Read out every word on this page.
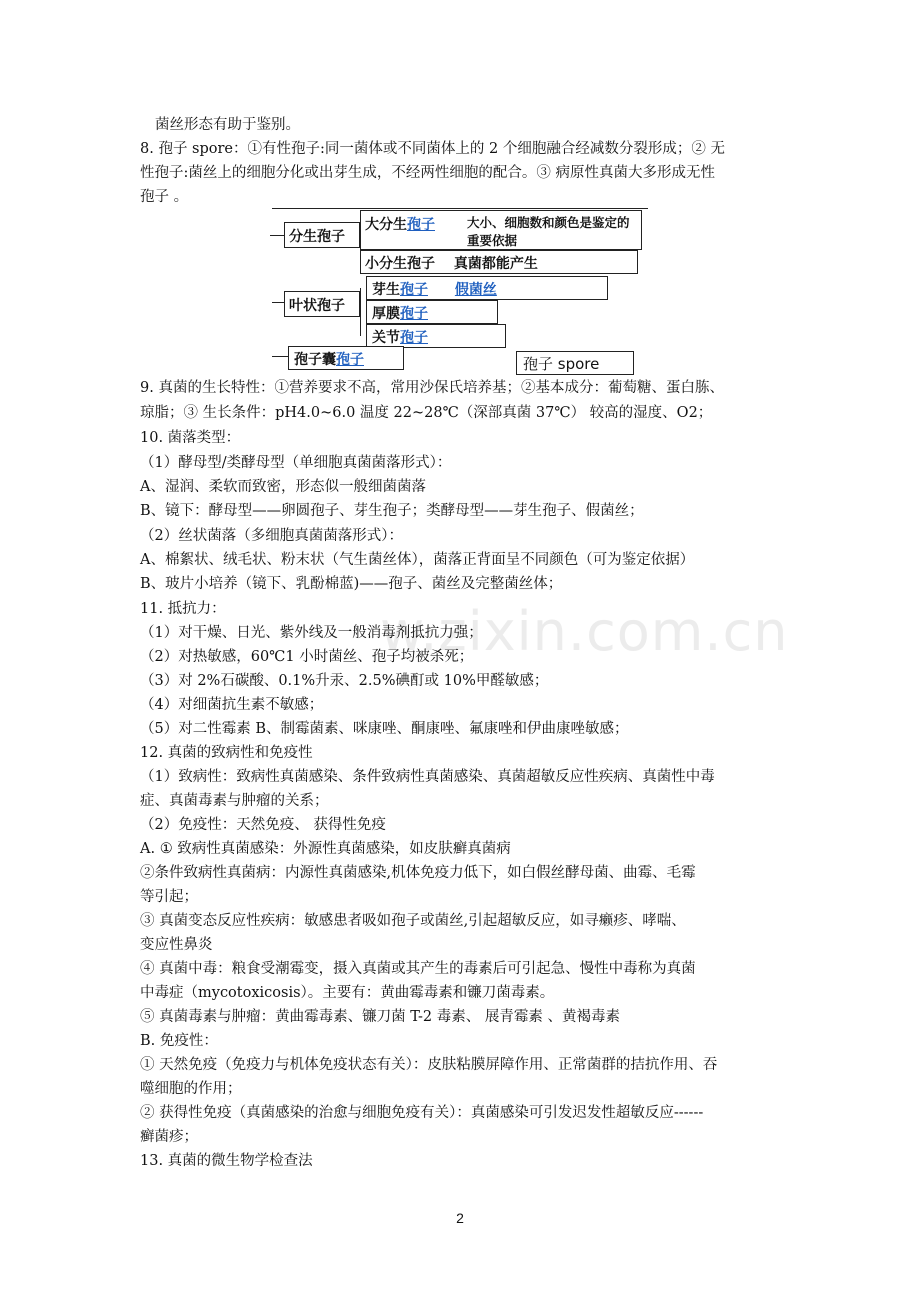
w.zixin.com.cn
菌丝形态有助于鉴别。
8. 孢子 spore：①有性孢子:同一菌体或不同菌体上的 2 个细胞融合经减数分裂形成；② 无
性孢子:菌丝上的细胞分化或出芽生成，不经两性细胞的配合。③ 病原性真菌大多形成无性
孢子 。
分生孢子
大分生孢子	大小、细胞数和颜色是鉴定的重要依据
小分生孢子 真菌都能产生
叶状孢子
芽生孢子 假菌丝
厚膜孢子
关节孢子
孢子囊孢子	孢子 spore
9. 真菌的生长特性：①营养要求不高，常用沙保氏培养基；②基本成分：葡萄糖、蛋白胨、
琼脂；③ 生长条件：pH4.0~6.0 温度 22~28℃（深部真菌 37℃） 较高的湿度、O2；
10. 菌落类型：
（1）酵母型/类酵母型（单细胞真菌菌落形式）：
A、湿润、柔软而致密，形态似一般细菌菌落
B、镜下：酵母型——卵圆孢子、芽生孢子；类酵母型——芽生孢子、假菌丝；
（2）丝状菌落（多细胞真菌菌落形式）：
A、棉絮状、绒毛状、粉末状（气生菌丝体），菌落正背面呈不同颜色（可为鉴定依据）
B、玻片小培养（镜下、乳酚棉蓝)——孢子、菌丝及完整菌丝体；
11. 抵抗力：
（1）对干燥、日光、紫外线及一般消毒剂抵抗力强；
（2）对热敏感，60℃1 小时菌丝、孢子均被杀死；
（3）对 2%石碳酸、0.1%升汞、2.5%碘酊或 10%甲醛敏感；
（4）对细菌抗生素不敏感；
（5）对二性霉素 B、制霉菌素、咪康唑、酮康唑、氟康唑和伊曲康唑敏感；
12. 真菌的致病性和免疫性
（1）致病性：致病性真菌感染、条件致病性真菌感染、真菌超敏反应性疾病、真菌性中毒
症、真菌毒素与肿瘤的关系；
（2）免疫性：天然免疫、 获得性免疫
A. ① 致病性真菌感染：外源性真菌感染，如皮肤癣真菌病
②条件致病性真菌病：内源性真菌感染,机体免疫力低下，如白假丝酵母菌、曲霉、毛霉
等引起；
③ 真菌变态反应性疾病：敏感患者吸如孢子或菌丝,引起超敏反应，如寻癞疹、哮喘、
变应性鼻炎
④ 真菌中毒：粮食受潮霉变，摄入真菌或其产生的毒素后可引起急、慢性中毒称为真菌
中毒症（mycotoxicosis）。主要有：黄曲霉毒素和镰刀菌毒素。
⑤ 真菌毒素与肿瘤：黄曲霉毒素、镰刀菌 T-2 毒素、 展青霉素 、黄褐毒素
B. 免疫性：
① 天然免疫（免疫力与机体免疫状态有关）：皮肤粘膜屏障作用、正常菌群的拮抗作用、吞
噬细胞的作用；
② 获得性免疫（真菌感染的治愈与细胞免疫有关）：真菌感染可引发迟发性超敏反应------
癣菌疹；
13. 真菌的微生物学检查法
2
